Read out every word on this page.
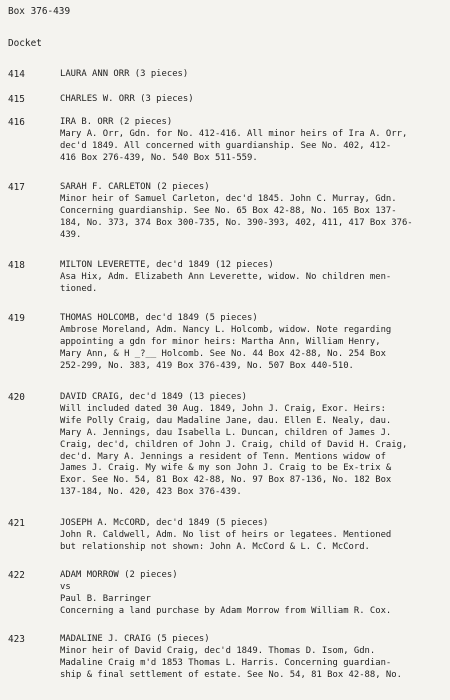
Box 376-439
Docket
414	LAURA ANN ORR (3 pieces)
415	CHARLES W. ORR (3 pieces)
416	IRA B. ORR (2 pieces)
Mary A. Orr, Gdn. for No. 412-416. All minor heirs of Ira A. Orr,
dec'd 1849. All concerned with guardianship. See No. 402, 412-
416 Box 276-439, No. 540 Box 511-559.
417	SARAH F. CARLETON (2 pieces)
Minor heir of Samuel Carleton, dec'd 1845. John C. Murray, Gdn.
Concerning guardianship. See No. 65 Box 42-88, No. 165 Box 137-
184, No. 373, 374 Box 300-735, No. 390-393, 402, 411, 417 Box 376-
439.
418	MILTON LEVERETTE, dec'd 1849 (12 pieces)
Asa Hix, Adm. Elizabeth Ann Leverette, widow. No children men-
tioned.
419	THOMAS HOLCOMB, dec'd 1849 (5 pieces)
Ambrose Moreland, Adm. Nancy L. Holcomb, widow. Note regarding
appointing a gdn for minor heirs: Martha Ann, William Henry,
Mary Ann, & H _?__ Holcomb. See No. 44 Box 42-88, No. 254 Box
252-299, No. 383, 419 Box 376-439, No. 507 Box 440-510.
420	DAVID CRAIG, dec'd 1849 (13 pieces)
Will included dated 30 Aug. 1849, John J. Craig, Exor. Heirs:
Wife Polly Craig, dau Madaline Jane, dau. Ellen E. Nealy, dau.
Mary A. Jennings, dau Isabella L. Duncan, children of James J.
Craig, dec'd, children of John J. Craig, child of David H. Craig,
dec'd. Mary A. Jennings a resident of Tenn. Mentions widow of
James J. Craig. My wife & my son John J. Craig to be Ex-trix &
Exor. See No. 54, 81 Box 42-88, No. 97 Box 87-136, No. 182 Box
137-184, No. 420, 423 Box 376-439.
421	JOSEPH A. McCORD, dec'd 1849 (5 pieces)
John R. Caldwell, Adm. No list of heirs or legatees. Mentioned
but relationship not shown: John A. McCord & L. C. McCord.
422	ADAM MORROW (2 pieces)
vs
Paul B. Barringer
Concerning a land purchase by Adam Morrow from William R. Cox.
423	MADALINE J. CRAIG (5 pieces)
Minor heir of David Craig, dec'd 1849. Thomas D. Isom, Gdn.
Madaline Craig m'd 1853 Thomas L. Harris. Concerning guardian-
ship & final settlement of estate. See No. 54, 81 Box 42-88, No.
